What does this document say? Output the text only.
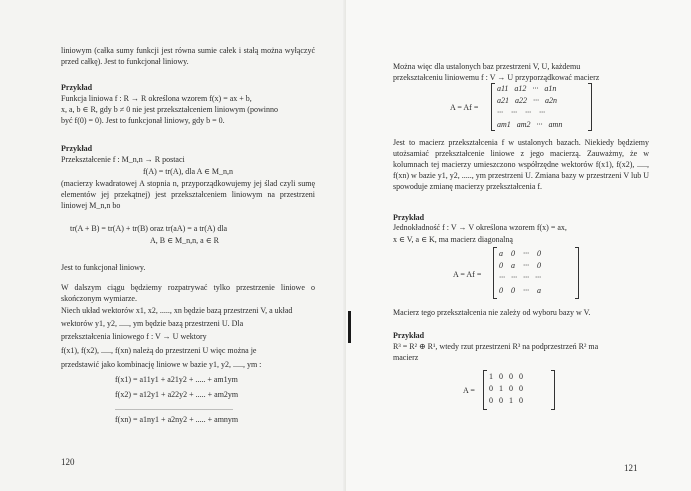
liniowym (całka sumy funkcji jest równa sumie całek i stałą można wyłączyć przed całkę). Jest to funkcjonał liniowy.
Przykład
Funkcja liniowa f : R → R określona wzorem f(x) = ax + b,
x, a, b ∈ R, gdy b ≠ 0 nie jest przekształceniem liniowym (powinno
być f(0) = 0). Jest to funkcjonał liniowy, gdy b = 0.
Przykład
Przekształcenie f : M_n,n → R postaci
f(A) = tr(A), dla A ∈ M_n,n
(macierzy kwadratowej A stopnia n, przyporządkowujemy jej ślad czyli sumę elementów jej przekątnej) jest przekształceniem liniowym na przestrzeni liniowej M_n,n bo
tr(A + B) = tr(A) + tr(B) oraz tr(aA) = a tr(A) dla
A, B ∈ M_n,n, a ∈ R
Jest to funkcjonał liniowy.
W dalszym ciągu będziemy rozpatrywać tylko przestrzenie liniowe o skończonym wymiarze.
Niech układ wektorów x1, x2, ....., xn będzie bazą przestrzeni V, a układ
wektorów y1, y2, ....., ym będzie bazą przestrzeni U. Dla
przekształcenia liniowego f : V → U wektory
f(x1), f(x2), ....., f(xn) należą do przestrzeni U więc można je
przedstawić jako kombinację liniowe w bazie y1, y2, ....., ym :
f(x1) = a11y1 + a21y2 + ..... + am1ym
f(x2) = a12y1 + a22y2 + ..... + am2ym
...........................................................
f(xn) = a1ny1 + a2ny2 + ..... + amnym
120
Można więc dla ustalonych baz przestrzeni V, U, każdemu
przekształceniu liniowemu f : V → U przyporządkować macierz
A = Af =
a11   a12   ···   a1n
a21   a22   ···   a2n
···    ···    ···    ···
am1   am2   ···   amn
Jest to macierz przekształcenia f w ustalonych bazach. Niekiedy będziemy utożsamiać przekształcenie liniowe z jego macierzą. Zauważmy, że w kolumnach tej macierzy umieszczono współrzędne wektorów f(x1), f(x2), ....., f(xn) w bazie y1, y2, ....., ym przestrzeni U. Zmiana bazy w przestrzeni V lub U spowoduje zmianę macierzy przekształcenia f.
Przykład
Jednokładność f : V → V określona wzorem f(x) = ax,
x ∈ V, a ∈ K, ma macierz diagonalną
A = Af =
a    0    ···    0
0    a    ···    0
···   ···   ···   ···
0    0    ···    a
Macierz tego przekształcenia nie zależy od wyboru bazy w V.
Przykład
R³ = R² ⊕ R¹, wtedy rzut przestrzeni R³ na podprzestrzeń R² ma
macierz
A =
1   0   0   0
0   1   0   0
0   0   1   0
121
